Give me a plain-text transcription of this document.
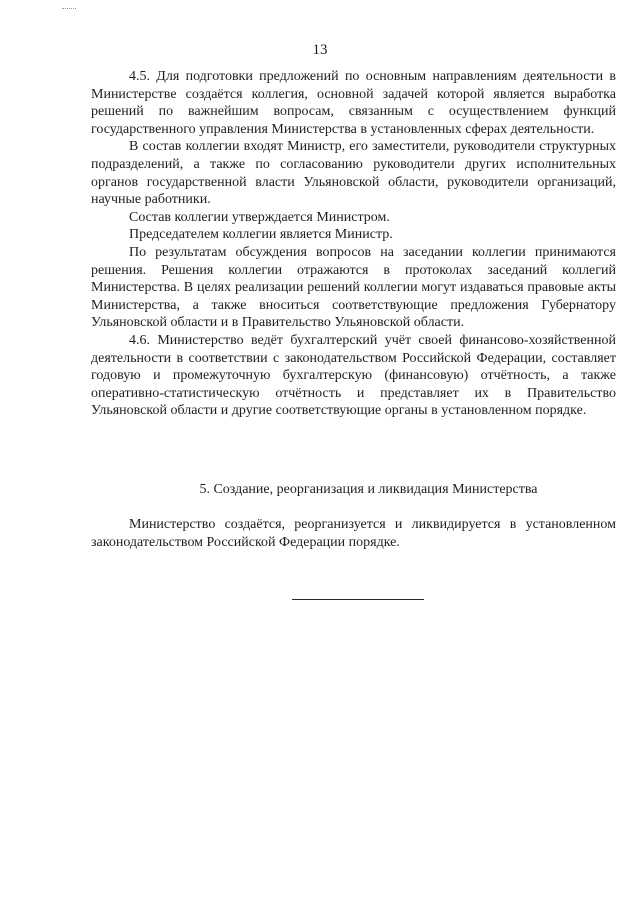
13

4.5. Для подготовки предложений по основным направлениям деятельности в Министерстве создаётся коллегия, основной задачей которой является выработка решений по важнейшим вопросам, связанным с осуществлением функций государственного управления Министерства в установленных сферах деятельности.

В состав коллегии входят Министр, его заместители, руководители структурных подразделений, а также по согласованию руководители других исполнительных органов государственной власти Ульяновской области, руководители организаций, научные работники.

Состав коллегии утверждается Министром.

Председателем коллегии является Министр.

По результатам обсуждения вопросов на заседании коллегии принимаются решения. Решения коллегии отражаются в протоколах заседаний коллегий Министерства. В целях реализации решений коллегии могут издаваться правовые акты Министерства, а также вноситься соответствующие предложения Губернатору Ульяновской области и в Правительство Ульяновской области.

4.6. Министерство ведёт бухгалтерский учёт своей финансово-хозяйственной деятельности в соответствии с законодательством Российской Федерации, составляет годовую и промежуточную бухгалтерскую (финансовую) отчётность, а также оперативно-статистическую отчётность и представляет их в Правительство Ульяновской области и другие соответствующие органы в установленном порядке.

5. Создание, реорганизация и ликвидация Министерства

Министерство создаётся, реорганизуется и ликвидируется в установленном законодательством Российской Федерации порядке.
